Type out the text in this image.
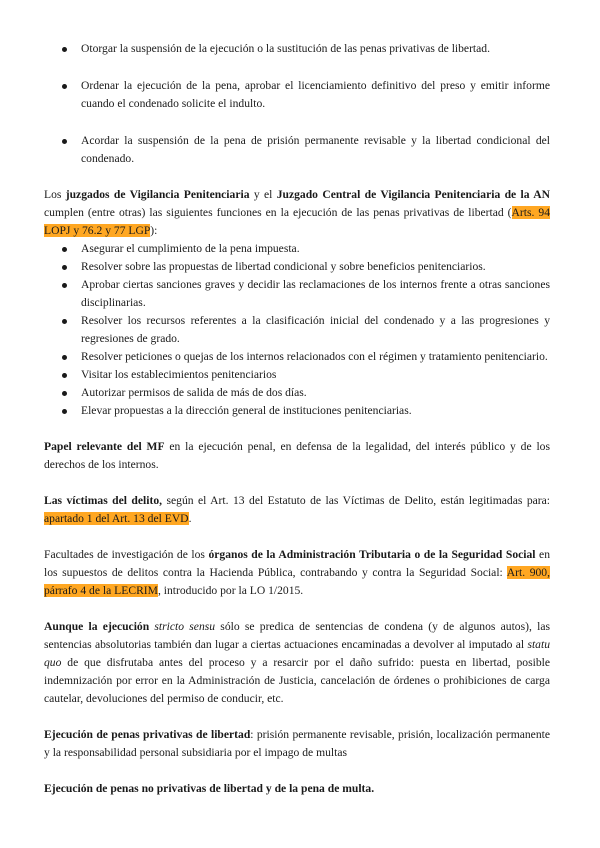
Otorgar la suspensión de la ejecución o la sustitución de las penas privativas de libertad.
Ordenar la ejecución de la pena, aprobar el licenciamiento definitivo del preso y emitir informe cuando el condenado solicite el indulto.
Acordar la suspensión de la pena de prisión permanente revisable y la libertad condicional del condenado.

Los juzgados de Vigilancia Penitenciaria y el Juzgado Central de Vigilancia Penitenciaria de la AN cumplen (entre otras) las siguientes funciones en la ejecución de las penas privativas de libertad (Arts. 94 LOPJ y 76.2 y 77 LGP):

Asegurar el cumplimiento de la pena impuesta.
Resolver sobre las propuestas de libertad condicional y sobre beneficios penitenciarios.
Aprobar ciertas sanciones graves y decidir las reclamaciones de los internos frente a otras sanciones disciplinarias.
Resolver los recursos referentes a la clasificación inicial del condenado y a las progresiones y regresiones de grado.
Resolver peticiones o quejas de los internos relacionados con el régimen y tratamiento penitenciario.
Visitar los establecimientos penitenciarios
Autorizar permisos de salida de más de dos días.
Elevar propuestas a la dirección general de instituciones penitenciarias.

Papel relevante del MF en la ejecución penal, en defensa de la legalidad, del interés público y de los derechos de los internos.

Las víctimas del delito, según el Art. 13 del Estatuto de las Víctimas de Delito, están legitimadas para: apartado 1 del Art. 13 del EVD.

Facultades de investigación de los órganos de la Administración Tributaria o de la Seguridad Social en los supuestos de delitos contra la Hacienda Pública, contrabando y contra la Seguridad Social: Art. 900, párrafo 4 de la LECRIM, introducido por la LO 1/2015.

Aunque la ejecución stricto sensu sólo se predica de sentencias de condena (y de algunos autos), las sentencias absolutorias también dan lugar a ciertas actuaciones encaminadas a devolver al imputado al statu quo de que disfrutaba antes del proceso y a resarcir por el daño sufrido: puesta en libertad, posible indemnización por error en la Administración de Justicia, cancelación de órdenes o prohibiciones de carga cautelar, devoluciones del permiso de conducir, etc.

Ejecución de penas privativas de libertad: prisión permanente revisable, prisión, localización permanente y la responsabilidad personal subsidiaria por el impago de multas

Ejecución de penas no privativas de libertad y de la pena de multa.
